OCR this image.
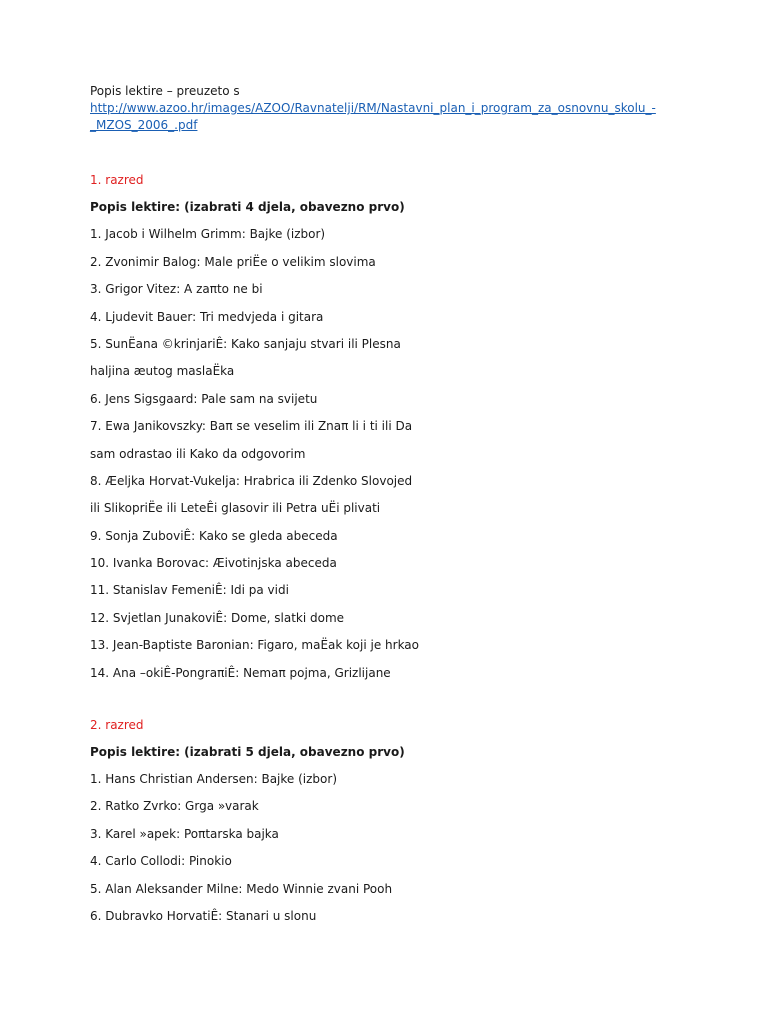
Popis lektire – preuzeto s

http://www.azoo.hr/images/AZOO/Ravnatelji/RM/Nastavni_plan_i_program_za_osnovnu_skolu_-

_MZOS_2006_.pdf

1. razred

Popis lektire: (izabrati 4 djela, obavezno prvo)

1. Jacob i Wilhelm Grimm: Bajke (izbor)

2. Zvonimir Balog: Male priËe o velikim slovima

3. Grigor Vitez: A zaπto ne bi

4. Ljudevit Bauer: Tri medvjeda i gitara

5. SunËana ©krinjariÊ: Kako sanjaju stvari ili Plesna

haljina æutog maslaËka

6. Jens Sigsgaard: Pale sam na svijetu

7. Ewa Janikovszky: Baπ se veselim ili Znaπ li i ti ili Da

sam odrastao ili Kako da odgovorim

8. Æeljka Horvat-Vukelja: Hrabrica ili Zdenko Slovojed

ili SlikopriËe ili LeteÊi glasovir ili Petra uËi plivati

9. Sonja ZuboviÊ: Kako se gleda abeceda

10. Ivanka Borovac: Æivotinjska abeceda

11. Stanislav FemeniÊ: Idi pa vidi

12. Svjetlan JunakoviÊ: Dome, slatki dome

13. Jean-Baptiste Baronian: Figaro, maËak koji je hrkao

14. Ana –okiÊ-PongraπiÊ: Nemaπ pojma, Grizlijane

2. razred

Popis lektire: (izabrati 5 djela, obavezno prvo)

1. Hans Christian Andersen: Bajke (izbor)

2. Ratko Zvrko: Grga »varak

3. Karel »apek: Poπtarska bajka

4. Carlo Collodi: Pinokio

5. Alan Aleksander Milne: Medo Winnie zvani Pooh

6. Dubravko HorvatiÊ: Stanari u slonu
